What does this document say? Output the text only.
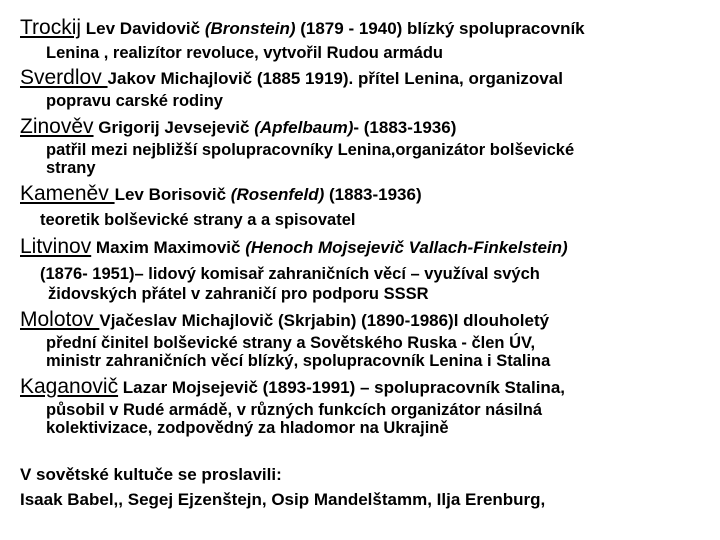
Trockij Lev Davidovič (Bronstein) (1879 - 1940) blízký spolupracovník
Lenina , realizítor revoluce, vytvořil Rudou armádu
Sverdlov Jakov Michajlovič (1885 1919). přítel Lenina, organizoval
popravu carské rodiny
Zinověv Grigorij Jevsejevič (Apfelbaum)- (1883-1936)
patřil mezi nejbližší spolupracovníky Lenina,organizátor bolševické
strany
Kameněv Lev Borisovič (Rosenfeld) (1883-1936)
teoretik bolševické strany a a spisovatel
Litvinov Maxim Maximovič (Henoch Mojsejevič Vallach-Finkelstein)
(1876- 1951)– lidový komisař zahraničních věcí – využíval svých
židovských přátel v zahraničí pro podporu SSSR
Molotov Vjačeslav Michajlovič (Skrjabin) (1890-1986)l dlouholetý
přední činitel bolševické strany a Sovětského Ruska - člen ÚV,
ministr zahraničních věcí blízký, spolupracovník Lenina i Stalina
Kaganovič Lazar Mojsejevič (1893-1991) – spolupracovník Stalina,
působil v Rudé armádě, v různých funkcích organizátor násilná
kolektivizace, zodpovědný za hladomor na Ukrajině
V sovětské kultuče se proslavili:
Isaak Babel,, Segej Ejzenštejn, Osip Mandelštamm, Ilja Erenburg,
